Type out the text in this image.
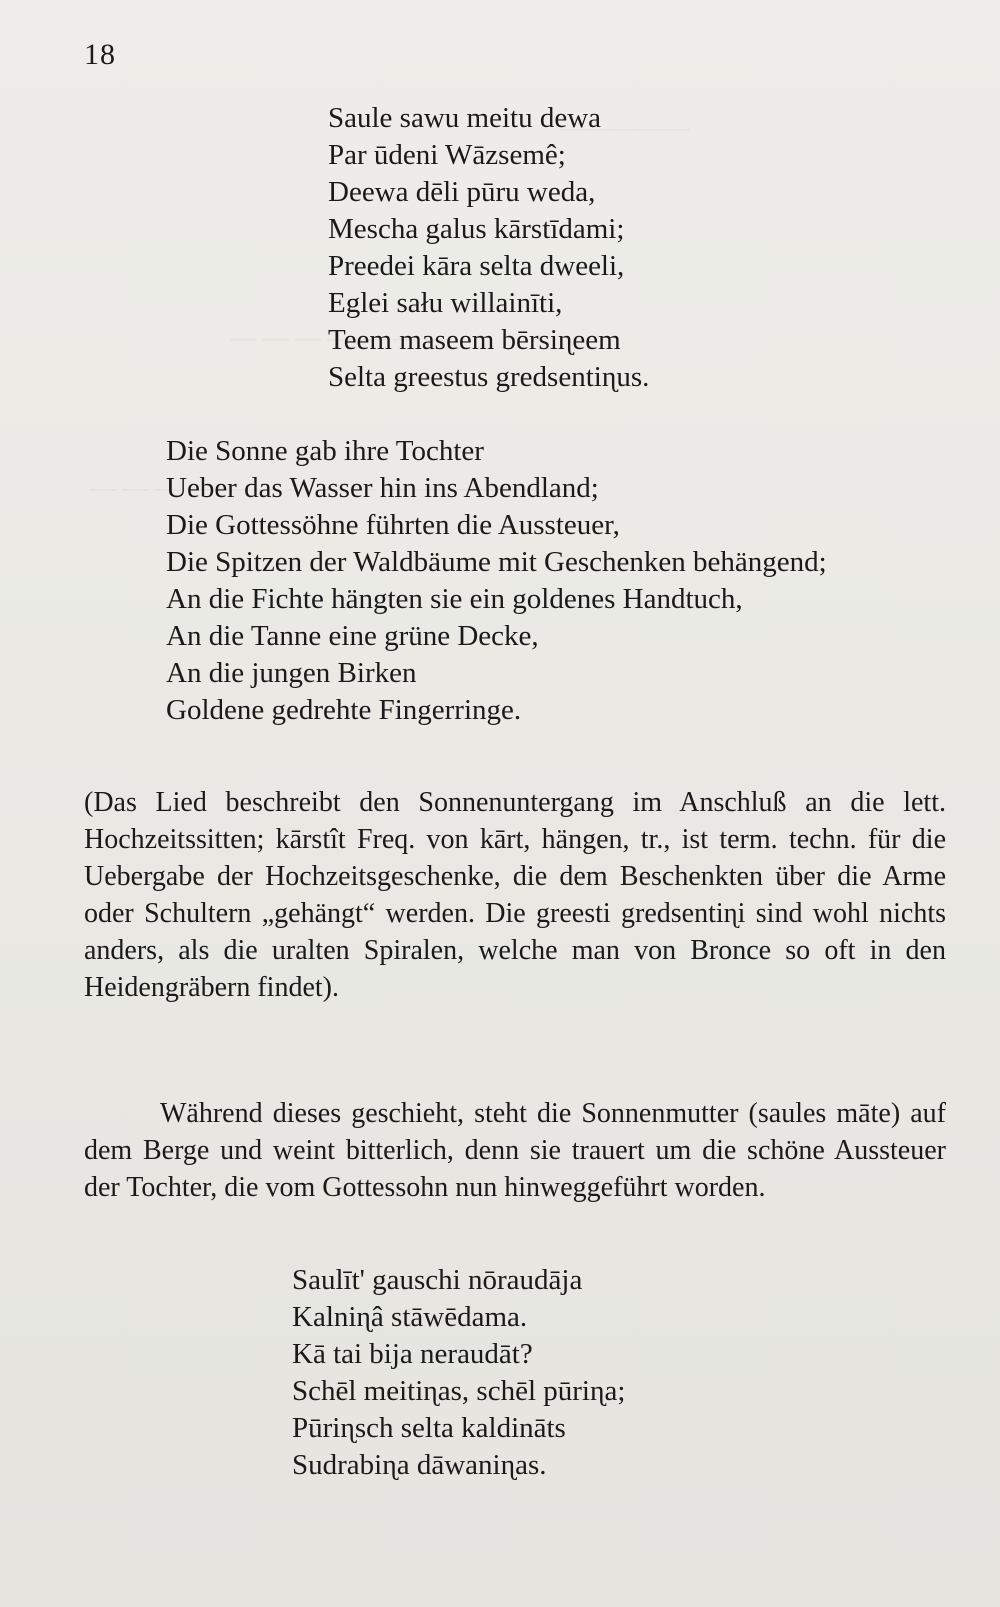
18
Saule sawu meitu dewa
Par ūdeni Wāzsemê;
Deewa dēli pūru weda,
Mescha galus kārstīdami;
Preedei kāra selta dweeli,
Eglei sału willainīti,
Teem maseem bērsiɳeem
Selta greestus gredsentiɳus.
Die Sonne gab ihre Tochter
Ueber das Wasser hin ins Abendland;
Die Gottessöhne führten die Aussteuer,
Die Spitzen der Waldbäume mit Geschenken behängend;
An die Fichte hängten sie ein goldenes Handtuch,
An die Tanne eine grüne Decke,
An die jungen Birken
Goldene gedrehte Fingerringe.
(Das Lied beschreibt den Sonnenuntergang im Anschluß an die lett. Hochzeitssitten; kārstît Freq. von kārt, hängen, tr., ist term. techn. für die Uebergabe der Hochzeitsgeschenke, die dem Beschenkten über die Arme oder Schultern „gehängt“ werden. Die greesti gredsentiɳi sind wohl nichts anders, als die uralten Spiralen, welche man von Bronce so oft in den Heidengräbern findet).
Während dieses geschieht, steht die Sonnenmutter (saules māte) auf dem Berge und weint bitterlich, denn sie trauert um die schöne Aussteuer der Tochter, die vom Gottessohn nun hinweggeführt worden.
Saulīt' gauschi nōraudāja
Kalniɳâ stāwēdama.
Kā tai bija neraudāt?
Schēl meitiɳas, schēl pūriɳa;
Pūriɳsch selta kaldināts
Sudrabiɳa dāwaniɳas.
